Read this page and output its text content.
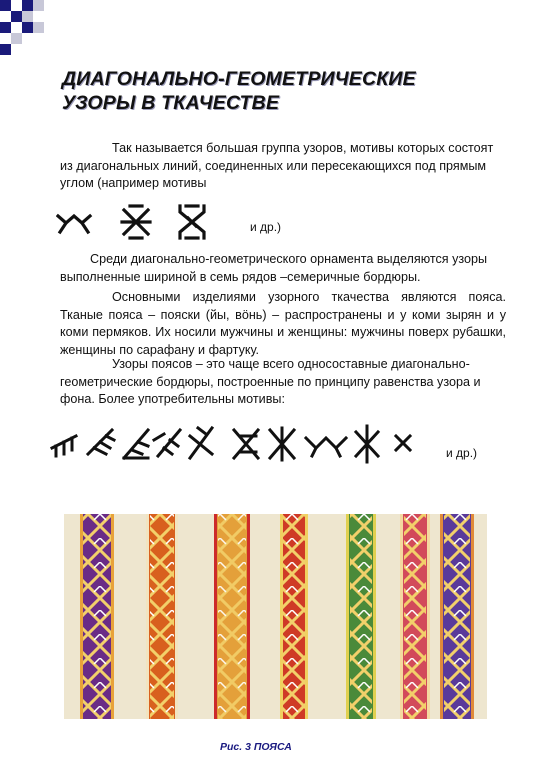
ДИАГОНАЛЬНО-ГЕОМЕТРИЧЕСКИЕ
УЗОРЫ В ТКАЧЕСТВЕ

Так называется большая группа узоров, мотивы которых состоят из диагональных линий, соединенных или пересекающихся под прямым углом (например мотивы

и др.)

Среди диагонально-геометрического орнамента выделяются узоры выполненные шириной в семь рядов –семеричные бордюры.

Основными изделиями узорного ткачества являются пояса. Тканые пояса – пояски (йы, вöнь) – распространены и у коми зырян и у коми пермяков. Их носили мужчины и женщины: мужчины поверх рубашки, женщины по сарафану и фартуку.

Узоры поясов – это чаще всего односоставные диагонально-геометрические бордюры, построенные по принципу равенства узора и фона. Более употребительны мотивы:

и др.)
Рис. 3 ПОЯСА
